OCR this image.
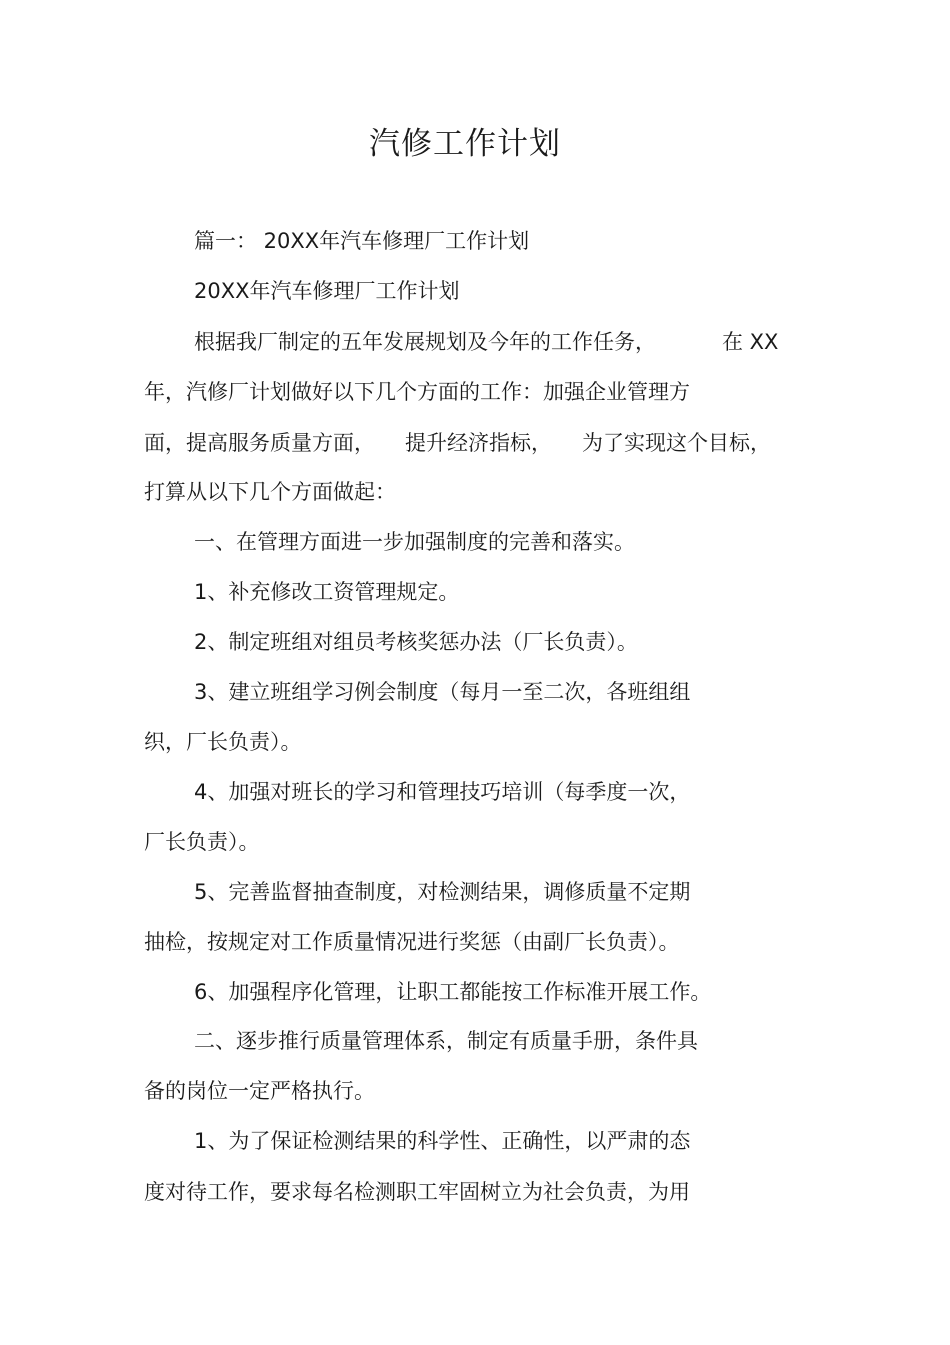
汽修工作计划
篇一： 20XX年汽车修理厂工作计划
20XX年汽车修理厂工作计划
根据我厂制定的五年发展规划及今年的工作任务，	在 XX
年，汽修厂计划做好以下几个方面的工作：加强企业管理方
面，提高服务质量方面， 提升经济指标， 为了实现这个目标，
打算从以下几个方面做起：
一、在管理方面进一步加强制度的完善和落实。
1、补充修改工资管理规定。
2、制定班组对组员考核奖惩办法（厂长负责）。
3、建立班组学习例会制度（每月一至二次，各班组组
织，厂长负责）。
4、加强对班长的学习和管理技巧培训（每季度一次，
厂长负责）。
5、完善监督抽查制度，对检测结果，调修质量不定期
抽检，按规定对工作质量情况进行奖惩（由副厂长负责）。
6、加强程序化管理，让职工都能按工作标准开展工作。
二、逐步推行质量管理体系，制定有质量手册，条件具
备的岗位一定严格执行。
1、为了保证检测结果的科学性、正确性，以严肃的态
度对待工作，要求每名检测职工牢固树立为社会负责，为用
